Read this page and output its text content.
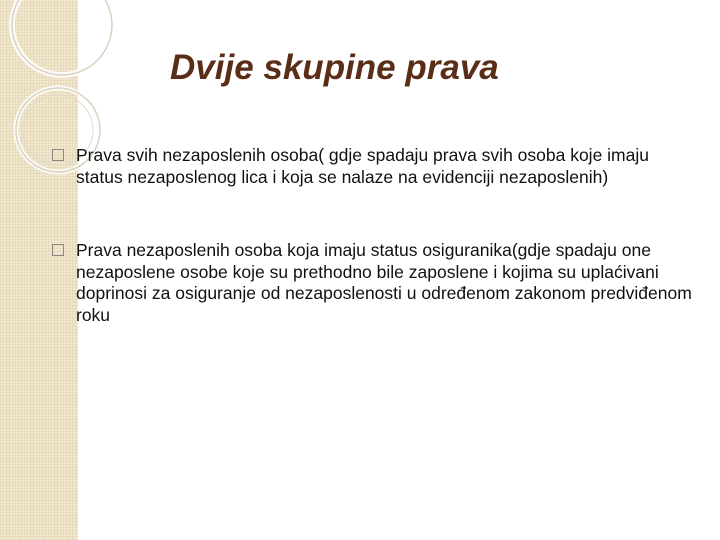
Dvije skupine prava
Prava svih nezaposlenih osoba( gdje spadaju prava svih osoba koje imaju status nezaposlenog lica i koja se nalaze na evidenciji nezaposlenih)
Prava nezaposlenih osoba koja imaju status osiguranika(gdje spadaju one nezaposlene osobe koje su prethodno bile zaposlene i kojima su uplaćivani doprinosi za osiguranje od nezaposlenosti u određenom zakonom predviđenom roku
